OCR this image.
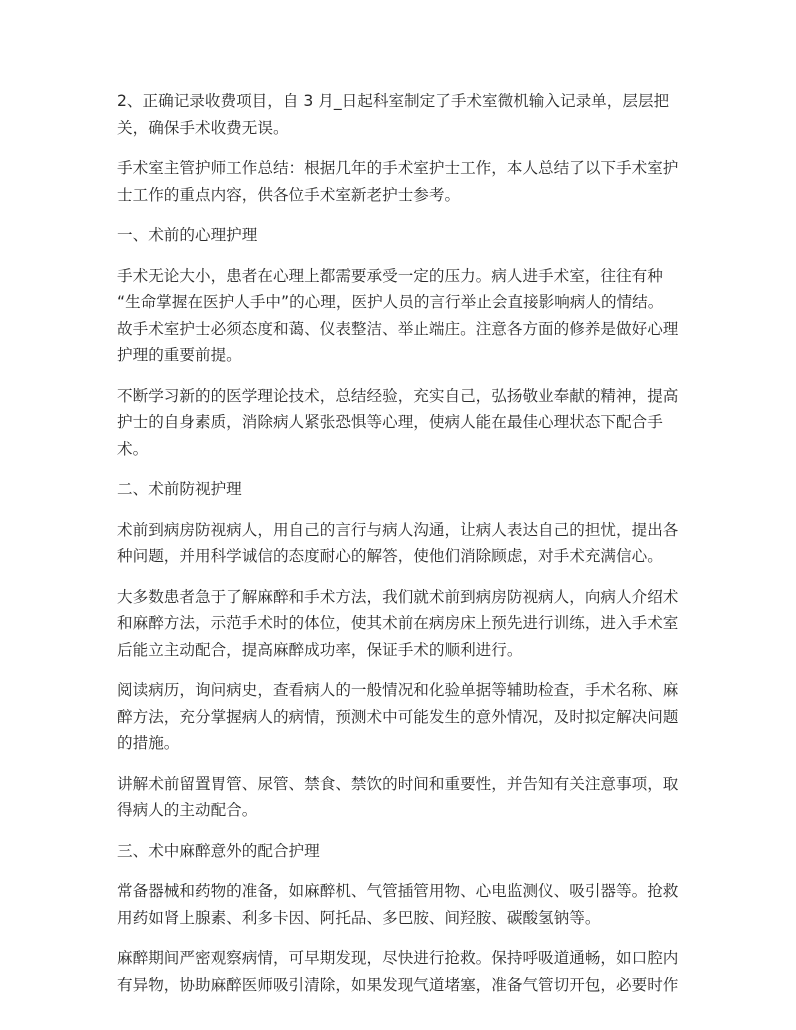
2、正确记录收费项目，自 3 月_日起科室制定了手术室微机输入记录单，层层把
关，确保手术收费无误。

手术室主管护师工作总结：根据几年的手术室护士工作，本人总结了以下手术室护
士工作的重点内容，供各位手术室新老护士参考。

一、术前的心理护理

手术无论大小，患者在心理上都需要承受一定的压力。病人进手术室，往往有种
“生命掌握在医护人手中”的心理，医护人员的言行举止会直接影响病人的情结。
故手术室护士必须态度和蔼、仪表整洁、举止端庄。注意各方面的修养是做好心理
护理的重要前提。

不断学习新的的医学理论技术，总结经验，充实自己，弘扬敬业奉献的精神，提高
护士的自身素质，消除病人紧张恐惧等心理，使病人能在最佳心理状态下配合手
术。

二、术前防视护理

术前到病房防视病人，用自己的言行与病人沟通，让病人表达自己的担忧，提出各
种问题，并用科学诚信的态度耐心的解答，使他们消除顾虑，对手术充满信心。

大多数患者急于了解麻醉和手术方法，我们就术前到病房防视病人，向病人介绍术
和麻醉方法，示范手术时的体位，使其术前在病房床上预先进行训练，进入手术室
后能立主动配合，提高麻醉成功率，保证手术的顺利进行。

阅读病历，询问病史，查看病人的一般情况和化验单据等辅助检查，手术名称、麻
醉方法，充分掌握病人的病情，预测术中可能发生的意外情况，及时拟定解决问题
的措施。

讲解术前留置胃管、尿管、禁食、禁饮的时间和重要性，并告知有关注意事项，取
得病人的主动配合。

三、术中麻醉意外的配合护理

常备器械和药物的准备，如麻醉机、气管插管用物、心电监测仪、吸引器等。抢救
用药如肾上腺素、利多卡因、阿托品、多巴胺、间羟胺、碳酸氢钠等。

麻醉期间严密观察病情，可早期发现，尽快进行抢救。保持呼吸道通畅，如口腔内
有异物，协助麻醉医师吸引清除，如果发现气道堵塞，准备气管切开包，必要时作
